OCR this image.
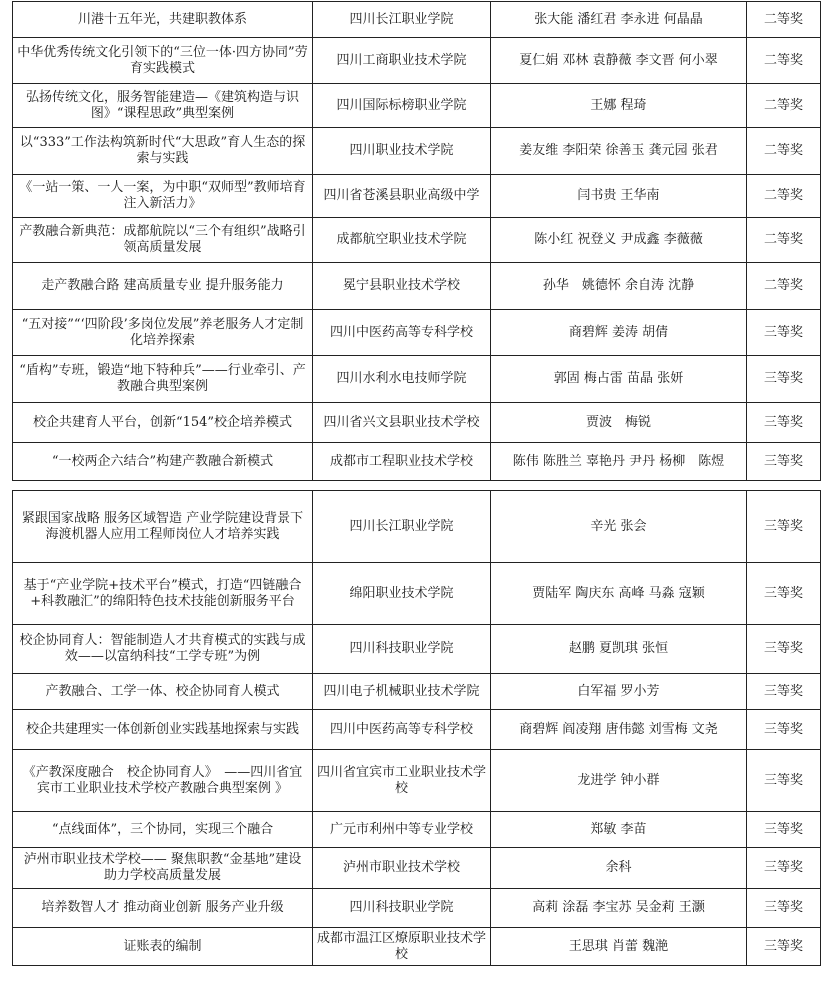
川港十五年光，共建职教体系	四川长江职业学院	张大能 潘红君 李永进 何晶晶	二等奖
中华优秀传统文化引领下的“三位一体·四方协同”劳育实践模式	四川工商职业技术学院	夏仁娟 邓林 袁静薇 李文晋 何小翠	二等奖
弘扬传统文化，服务智能建造—《建筑构造与识图》“课程思政”典型案例	四川国际标榜职业学院	王娜 程琦	二等奖
以“333”工作法构筑新时代“大思政”育人生态的探索与实践	四川职业技术学院	姜友维 李阳荣 徐善玉 龚元园 张君	二等奖
《一站一策、一人一案，为中职“双师型”教师培育注入新活力》	四川省苍溪县职业高级中学	闫书贵 王华南	二等奖
产教融合新典范：成都航院以“三个有组织”战略引领高质量发展	成都航空职业技术学院	陈小红 祝登义 尹成鑫 李薇薇	二等奖
走产教融合路 建高质量专业 提升服务能力	冕宁县职业技术学校	孙华　姚德怀 余自涛 沈静	二等奖
“五对接”“‘四阶段’多岗位发展”养老服务人才定制化培养探索	四川中医药高等专科学校	商碧辉 姜涛 胡倩	三等奖
“盾构”专班，锻造“地下特种兵”——行业牵引、产教融合典型案例	四川水利水电技师学院	郭固 梅占雷 苗晶 张妍	三等奖
校企共建育人平台，创新“154”校企培养模式	四川省兴文县职业技术学校	贾波　梅锐	三等奖
“一校两企六结合”构建产教融合新模式	成都市工程职业技术学校	陈伟 陈胜兰 辜艳丹 尹丹 杨柳　陈煜	三等奖
紧跟国家战略 服务区域智造 产业学院建设背景下海渡机器人应用工程师岗位人才培养实践	四川长江职业学院	辛光 张会	三等奖
基于“产业学院+技术平台”模式，打造“四链融合+科教融汇”的绵阳特色技术技能创新服务平台	绵阳职业技术学院	贾陆军 陶庆东 高峰 马淼 寇颖	三等奖
校企协同育人：智能制造人才共育模式的实践与成效——以富纳科技“工学专班”为例	四川科技职业学院	赵鹏 夏凯琪 张恒	三等奖
产教融合、工学一体、校企协同育人模式	四川电子机械职业技术学院	白军福 罗小芳	三等奖
校企共建理实一体创新创业实践基地探索与实践	四川中医药高等专科学校	商碧辉 阎凌翔 唐伟懿 刘雪梅 文尧	三等奖
《产教深度融合　校企协同育人》　——四川省宜宾市工业职业技术学校产教融合典型案例 》	四川省宜宾市工业职业技术学校	龙进学 钟小群	三等奖
“点线面体”，三个协同，实现三个融合	广元市利州中等专业学校	郑敏 李苗	三等奖
泸州市职业技术学校—— 聚焦职教“金基地”建设 助力学校高质量发展	泸州市职业技术学校	余科	三等奖
培养数智人才 推动商业创新 服务产业升级	四川科技职业学院	高莉 涂磊 李宝苏 吴金莉 王灏	三等奖
证账表的编制	成都市温江区燎原职业技术学校	王思琪 肖蕾 魏滟	三等奖
